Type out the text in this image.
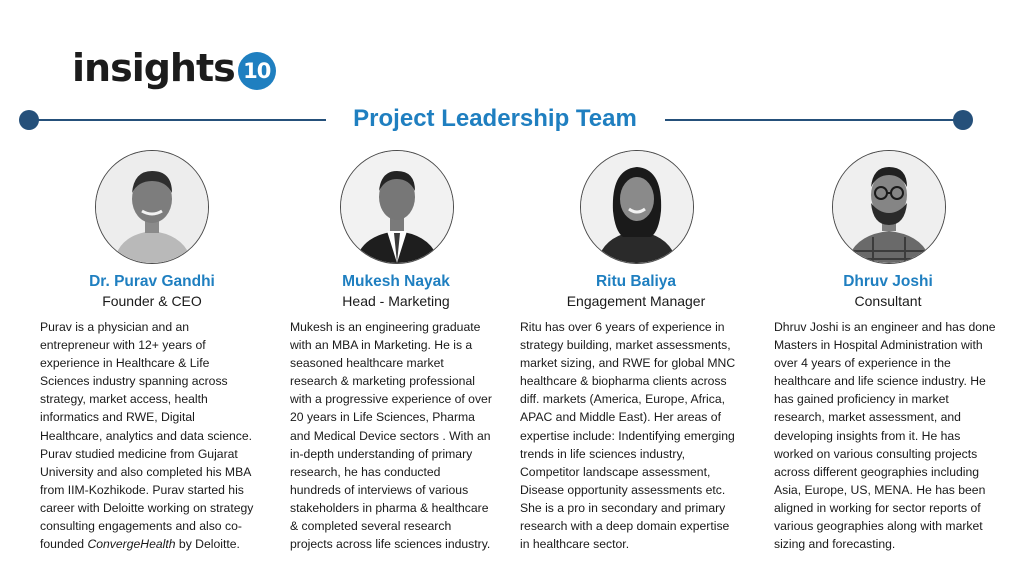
insights 10
Project Leadership Team
Dr. Purav Gandhi
Founder & CEO
Purav is a physician and an
entrepreneur with 12+ years of
experience in Healthcare & Life
Sciences industry spanning across
strategy, market access, health
informatics and RWE, Digital
Healthcare, analytics and data science.
Purav studied medicine from Gujarat
University and also completed his MBA
from IIM-Kozhikode. Purav started his
career with Deloitte working on strategy
consulting engagements and also co-
founded ConvergeHealth by Deloitte.
Mukesh Nayak
Head - Marketing
Mukesh is an engineering graduate
with an MBA in Marketing. He is a
seasoned healthcare market
research & marketing professional
with a progressive experience of over
20 years in Life Sciences, Pharma
and Medical Device sectors . With an
in-depth understanding of primary
research, he has conducted
hundreds of interviews of various
stakeholders in pharma & healthcare
& completed several research
projects across life sciences industry.
Ritu Baliya
Engagement Manager
Ritu has over 6 years of experience in
strategy building, market assessments,
market sizing, and RWE for global MNC
healthcare & biopharma clients across
diff. markets (America, Europe, Africa,
APAC and Middle East). Her areas of
expertise include: Indentifying emerging
trends in life sciences industry,
Competitor landscape assessment,
Disease opportunity assessments etc.
She is a pro in secondary and primary
research with a deep domain expertise
in healthcare sector.
Dhruv Joshi
Consultant
Dhruv Joshi is an engineer and has done
Masters in Hospital Administration with
over 4 years of experience in the
healthcare and life science industry. He
has gained proficiency in market
research, market assessment, and
developing insights from it. He has
worked on various consulting projects
across different geographies including
Asia, Europe, US, MENA. He has been
aligned in working for sector reports of
various geographies along with market
sizing and forecasting.
